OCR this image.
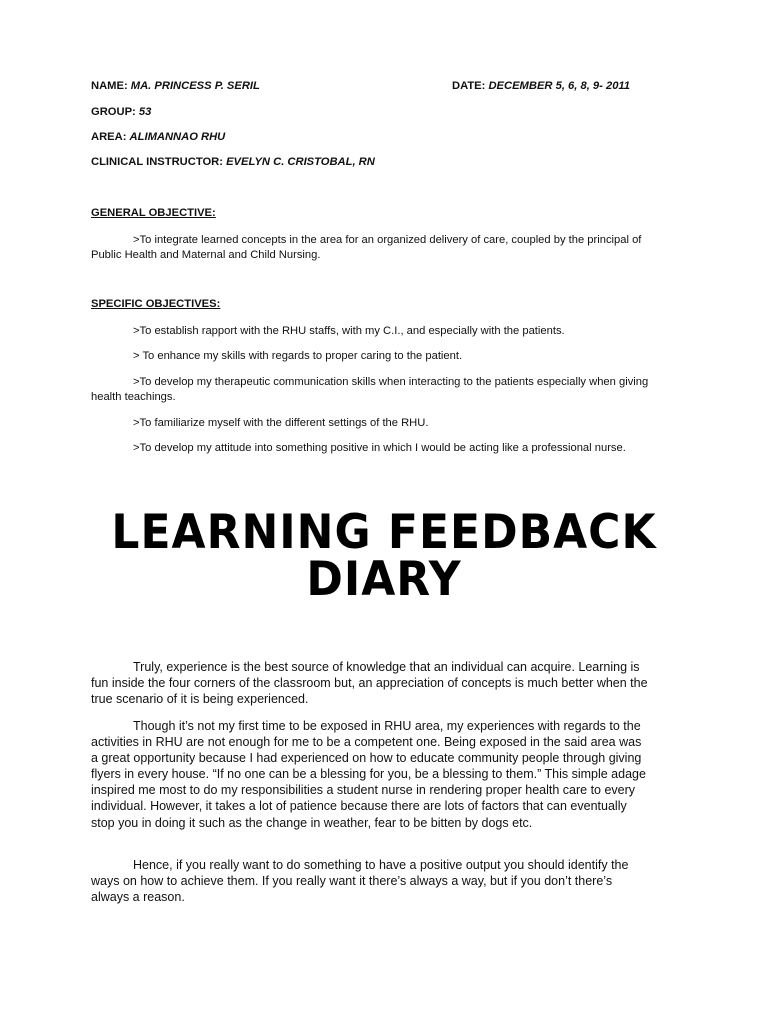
NAME: MA. PRINCESS P. SERIL	DATE: DECEMBER 5, 6, 8, 9- 2011
GROUP: 53
AREA: ALIMANNAO RHU
CLINICAL INSTRUCTOR: EVELYN C. CRISTOBAL, RN
GENERAL OBJECTIVE:
>To integrate learned concepts in the area for an organized delivery of care, coupled by the principal of Public Health and Maternal and Child Nursing.
SPECIFIC OBJECTIVES:
>To establish rapport with the RHU staffs, with my C.I., and especially with the patients.
> To enhance my skills with regards to proper caring to the patient.
>To develop my therapeutic communication skills when interacting to the patients especially when giving health teachings.
>To familiarize myself with the different settings of the RHU.
>To develop my attitude into something positive in which I would be acting like a professional nurse.
LEARNING FEEDBACK
DIARY
Truly, experience is the best source of knowledge that an individual can acquire. Learning is fun inside the four corners of the classroom but, an appreciation of concepts is much better when the true scenario of it is being experienced.
Though it’s not my first time to be exposed in RHU area, my experiences with regards to the activities in RHU are not enough for me to be a competent one. Being exposed in the said area was a great opportunity because I had experienced on how to educate community people through giving flyers in every house. “If no one can be a blessing for you, be a blessing to them.” This simple adage inspired me most to do my responsibilities a student nurse in rendering proper health care to every individual. However, it takes a lot of patience because there are lots of factors that can eventually stop you in doing it such as the change in weather, fear to be bitten by dogs etc.
Hence, if you really want to do something to have a positive output you should identify the ways on how to achieve them. If you really want it there’s always a way, but if you don’t there’s always a reason.
